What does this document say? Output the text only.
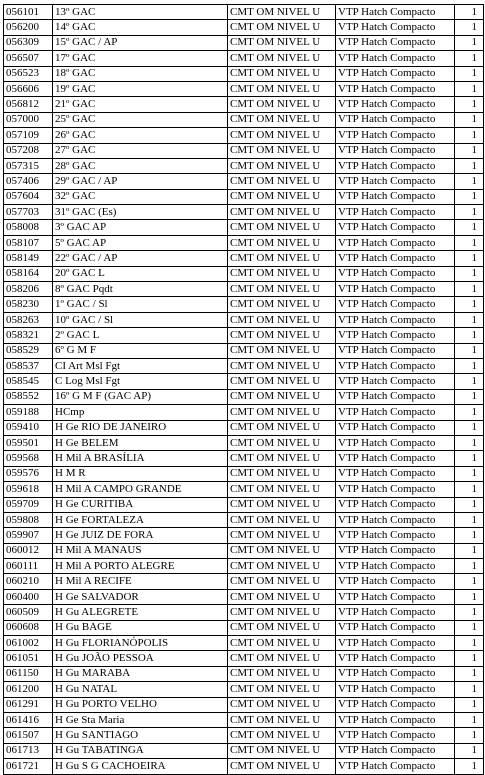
056101	13º GAC	CMT OM NIVEL U	VTP Hatch Compacto	1
056200	14º GAC	CMT OM NIVEL U	VTP Hatch Compacto	1
056309	15º GAC / AP	CMT OM NIVEL U	VTP Hatch Compacto	1
056507	17º GAC	CMT OM NIVEL U	VTP Hatch Compacto	1
056523	18º GAC	CMT OM NIVEL U	VTP Hatch Compacto	1
056606	19º GAC	CMT OM NIVEL U	VTP Hatch Compacto	1
056812	21º GAC	CMT OM NIVEL U	VTP Hatch Compacto	1
057000	25º GAC	CMT OM NIVEL U	VTP Hatch Compacto	1
057109	26º GAC	CMT OM NIVEL U	VTP Hatch Compacto	1
057208	27º GAC	CMT OM NIVEL U	VTP Hatch Compacto	1
057315	28º GAC	CMT OM NIVEL U	VTP Hatch Compacto	1
057406	29º GAC / AP	CMT OM NIVEL U	VTP Hatch Compacto	1
057604	32º GAC	CMT OM NIVEL U	VTP Hatch Compacto	1
057703	31º GAC (Es)	CMT OM NIVEL U	VTP Hatch Compacto	1
058008	3º GAC AP	CMT OM NIVEL U	VTP Hatch Compacto	1
058107	5º GAC AP	CMT OM NIVEL U	VTP Hatch Compacto	1
058149	22º GAC / AP	CMT OM NIVEL U	VTP Hatch Compacto	1
058164	20º GAC L	CMT OM NIVEL U	VTP Hatch Compacto	1
058206	8º GAC Pqdt	CMT OM NIVEL U	VTP Hatch Compacto	1
058230	1º GAC / Sl	CMT OM NIVEL U	VTP Hatch Compacto	1
058263	10º GAC / Sl	CMT OM NIVEL U	VTP Hatch Compacto	1
058321	2º GAC L	CMT OM NIVEL U	VTP Hatch Compacto	1
058529	6º G M F	CMT OM NIVEL U	VTP Hatch Compacto	1
058537	CI Art Msl Fgt	CMT OM NIVEL U	VTP Hatch Compacto	1
058545	C Log Msl Fgt	CMT OM NIVEL U	VTP Hatch Compacto	1
058552	16º G M F (GAC AP)	CMT OM NIVEL U	VTP Hatch Compacto	1
059188	HCmp	CMT OM NIVEL U	VTP Hatch Compacto	1
059410	H Ge RIO DE JANEIRO	CMT OM NIVEL U	VTP Hatch Compacto	1
059501	H Ge BELEM	CMT OM NIVEL U	VTP Hatch Compacto	1
059568	H Mil A BRASÍLIA	CMT OM NIVEL U	VTP Hatch Compacto	1
059576	H M R	CMT OM NIVEL U	VTP Hatch Compacto	1
059618	H Mil A CAMPO GRANDE	CMT OM NIVEL U	VTP Hatch Compacto	1
059709	H Ge CURITIBA	CMT OM NIVEL U	VTP Hatch Compacto	1
059808	H Ge FORTALEZA	CMT OM NIVEL U	VTP Hatch Compacto	1
059907	H Ge JUIZ DE FORA	CMT OM NIVEL U	VTP Hatch Compacto	1
060012	H Mil A MANAUS	CMT OM NIVEL U	VTP Hatch Compacto	1
060111	H Mil A PORTO ALEGRE	CMT OM NIVEL U	VTP Hatch Compacto	1
060210	H Mil A RECIFE	CMT OM NIVEL U	VTP Hatch Compacto	1
060400	H Ge SALVADOR	CMT OM NIVEL U	VTP Hatch Compacto	1
060509	H Gu ALEGRETE	CMT OM NIVEL U	VTP Hatch Compacto	1
060608	H Gu BAGE	CMT OM NIVEL U	VTP Hatch Compacto	1
061002	H Gu FLORIANÓPOLIS	CMT OM NIVEL U	VTP Hatch Compacto	1
061051	H Gu JOÃO PESSOA	CMT OM NIVEL U	VTP Hatch Compacto	1
061150	H Gu MARABA	CMT OM NIVEL U	VTP Hatch Compacto	1
061200	H Gu NATAL	CMT OM NIVEL U	VTP Hatch Compacto	1
061291	H Gu PORTO VELHO	CMT OM NIVEL U	VTP Hatch Compacto	1
061416	H Ge Sta Maria	CMT OM NIVEL U	VTP Hatch Compacto	1
061507	H Gu SANTIAGO	CMT OM NIVEL U	VTP Hatch Compacto	1
061713	H Gu TABATINGA	CMT OM NIVEL U	VTP Hatch Compacto	1
061721	H Gu S G CACHOEIRA	CMT OM NIVEL U	VTP Hatch Compacto	1
